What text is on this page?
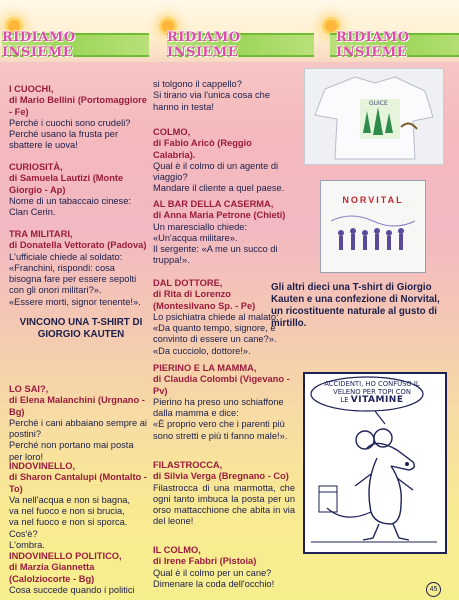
RIDIAMO INSIEME
RIDIAMO INSIEME
RIDIAMO INSIEME
I CUOCHI,
di Mario Bellini (Portomaggiore - Fe)
Perché i cuochi sono crudeli?
Perché usano la frusta per sbattere le uova!
CURIOSITÀ,
di Samuela Lautizi (Monte Giorgio - Ap)
Nome di un tabaccaio cinese:
Clan Cerin.
TRA MILITARI,
di Donatella Vettorato (Padova)
L'ufficiale chiede al soldato:
«Franchini, rispondi: cosa bisogna fare per essere sepolti con gli onori militari?».
«Essere morti, signor tenente!».
LO SAI?,
di Elena Malanchini (Urgnano - Bg)
Perché i cani abbaiano sempre ai postini?
Perché non portano mai posta per loro!
INDOVINELLO,
di Sharon Cantalupi (Montalto - To)
Va nell'acqua e non si bagna,
va nel fuoco e non si brucia,
va nel fuoco e non si sporca.
Cos'è?
L'ombra.
INDOVINELLO POLITICO,
di Marzia Giannetta (Calolziocorte - Bg)
Cosa succede quando i politici
VINCONO UNA T-SHIRT DI GIORGIO KAUTEN
si tolgono il cappello?
Si tirano via l'unica cosa che hanno in testa!
COLMO,
di Fabio Aricò (Reggio Calabria).
Qual è il colmo di un agente di viaggio?
Mandare il cliente a quel paese.
AL BAR DELLA CASERMA,
di Anna Maria Petrone (Chieti)
Un maresciallo chiede:
«Un'acqua militare».
Il sergente: «A me un succo di truppa!».
DAL DOTTORE,
di Rita di Lorenzo (Montesilvano Sp. - Pe)
Lo psichiatra chiede al malato:
«Da quanto tempo, signore, è convinto di essere un cane?».
«Da cucciolo, dottore!».
PIERINO E LA MAMMA,
di Claudia Colombi (Vigevano - Pv)
Pierino ha preso uno schiaffone dalla mamma e dice:
«È proprio vero che i parenti più sono stretti e più ti fanno male!».
FILASTROCCA,
di Silvia Verga (Bregnano - Co)
Filastrocca di una marmotta, che ogni tanto imbuca la posta per un orso mattacchione che abita in via del leone!
IL COLMO,
di Irene Fabbri (Pistoia)
Qual è il colmo per un cane?
Dimenare la coda dell'occhio!
GUICE
NORVITAL
Gli altri dieci una T-shirt di Giorgio Kauten e una confezione di Norvital, un ricostituente naturale al gusto di mirtillo.
ACCIDENTI, HO CONFUSO IL
VELENO PER TOPI CON
LE VITAMINE
45
